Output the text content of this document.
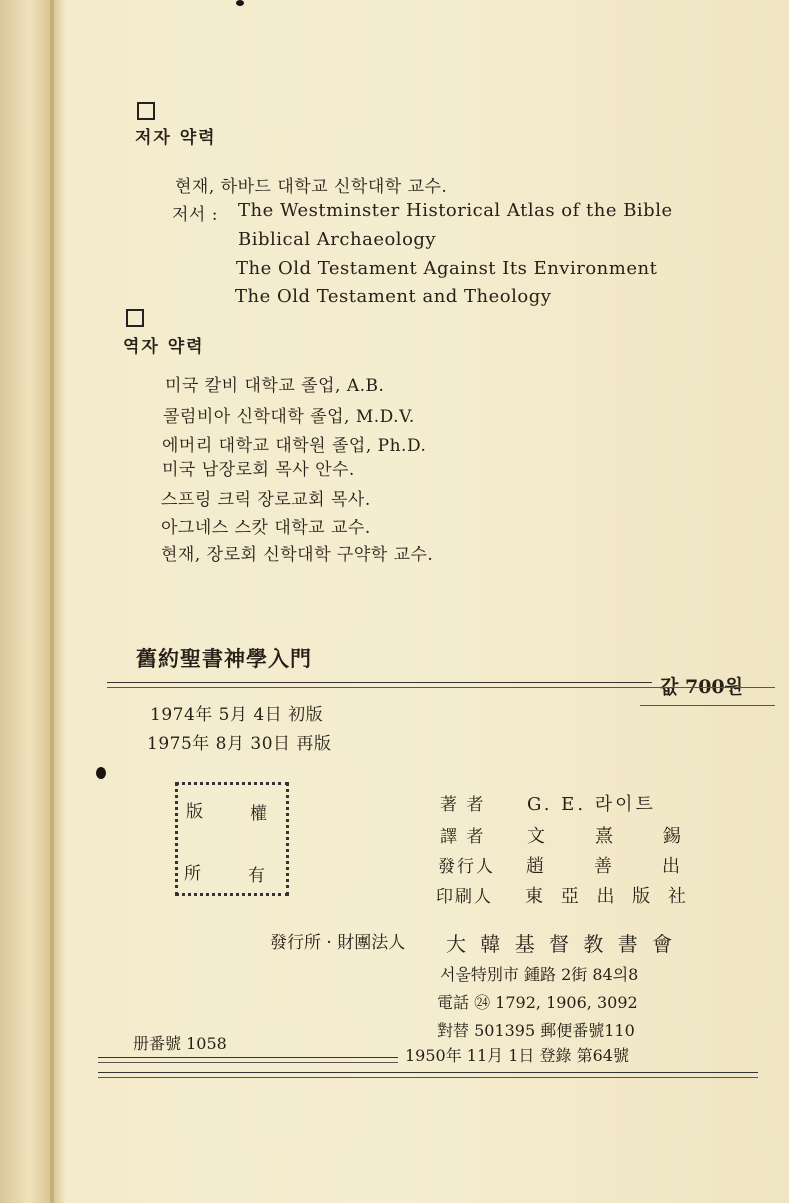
저자 약력
현재, 하바드 대학교 신학대학 교수.
저서 : The Westminster Historical Atlas of the Bible
Biblical Archaeology
The Old Testament Against Its Environment
The Old Testament and Theology
역자 약력
미국 칼비 대학교 졸업, A.B.
콜럼비아 신학대학 졸업, M.D.V.
에머리 대학교 대학원 졸업, Ph.D.
미국 남장로회 목사 안수.
스프링 크릭 장로교회 목사.
아그네스 스캇 대학교 교수.
현재, 장로회 신학대학 구약학 교수.
舊約聖書神學入門
값 700원
1974年 5月 4日 初版
1975年 8月 30日 再版
版	權
所	有
著 者 G. E. 라이트
譯 者 文　熹　錫
發行人 趙　善　出
印刷人 東 亞 出 版 社
發行所 · 財團法人 大 韓 基 督 教 書 會
서울特別市 鍾路 2街 84의8
電話 ㉔ 1792, 1906, 3092
對替 501395 郵便番號110
册番號 1058
1950年 11月 1日 登錄 第64號
